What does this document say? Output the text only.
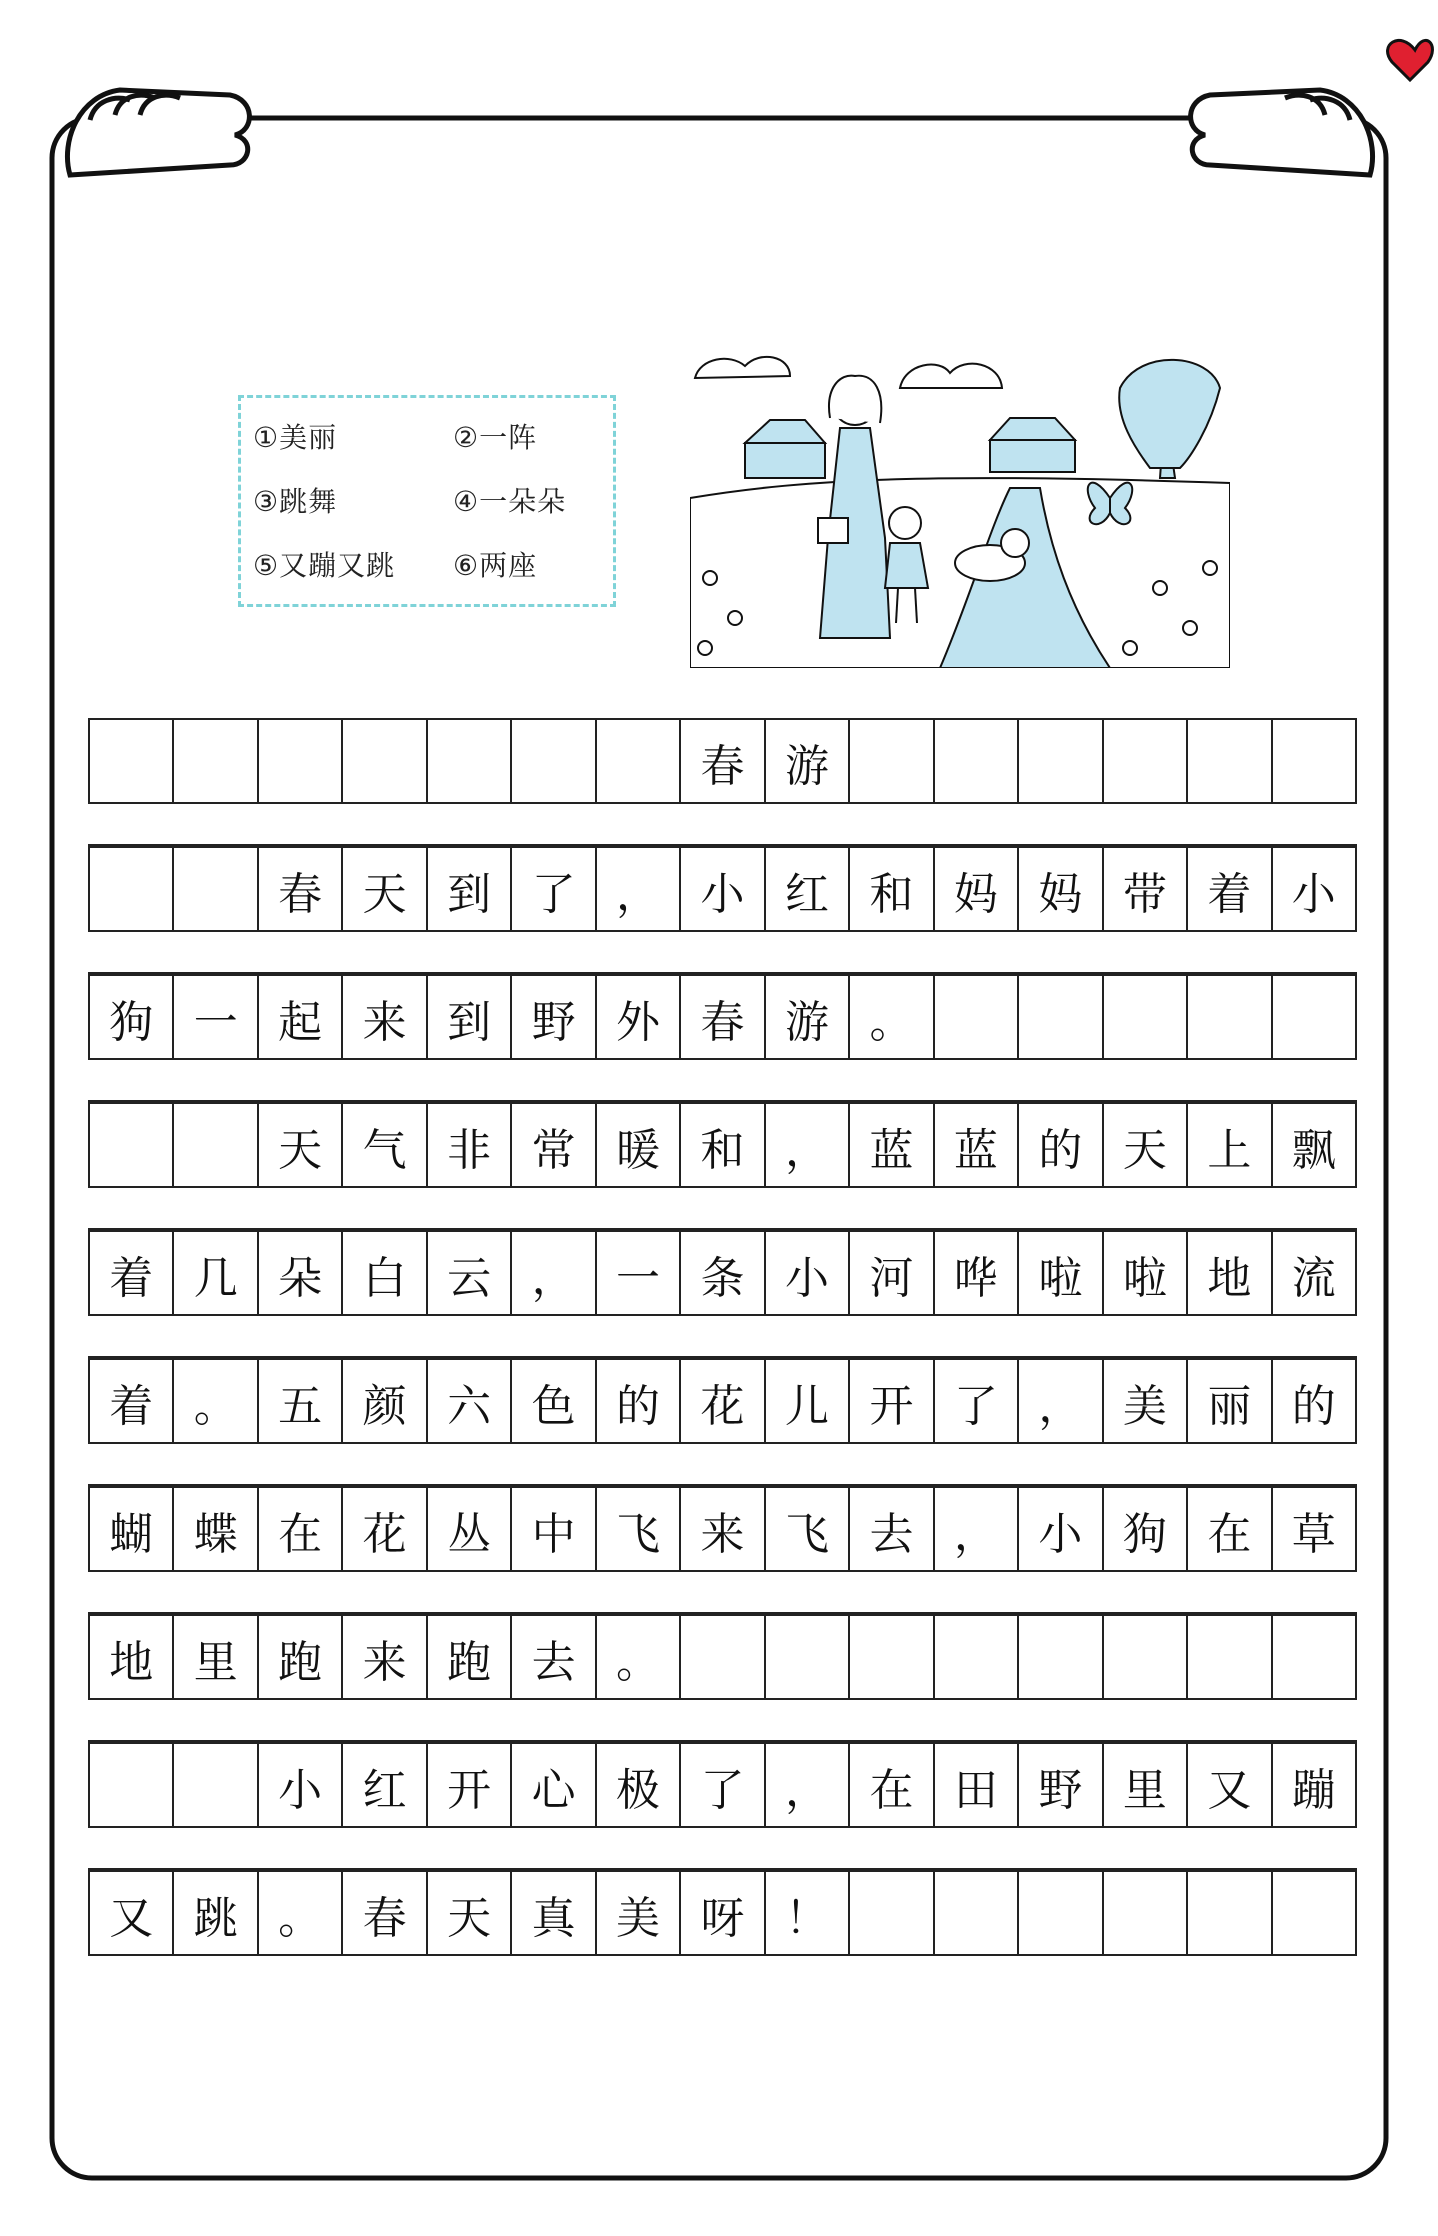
①美丽	②一阵
③跳舞	④一朵朵
⑤又蹦又跳 ⑥两座
春 游
春 天 到 了 ， 小 红 和 妈 妈 带 着 小
狗 一 起 来 到 野 外 春 游 。
天 气 非 常 暖 和 ， 蓝 蓝 的 天 上 飘
着 几 朵 白 云 ， 一 条 小 河 哗 啦 啦 地 流
着 。 五 颜 六 色 的 花 儿 开 了 ， 美 丽 的
蝴 蝶 在 花 丛 中 飞 来 飞 去 ， 小 狗 在 草
地 里 跑 来 跑 去 。
小 红 开 心 极 了 ， 在 田 野 里 又 蹦
又 跳 。 春 天 真 美 呀 ！
